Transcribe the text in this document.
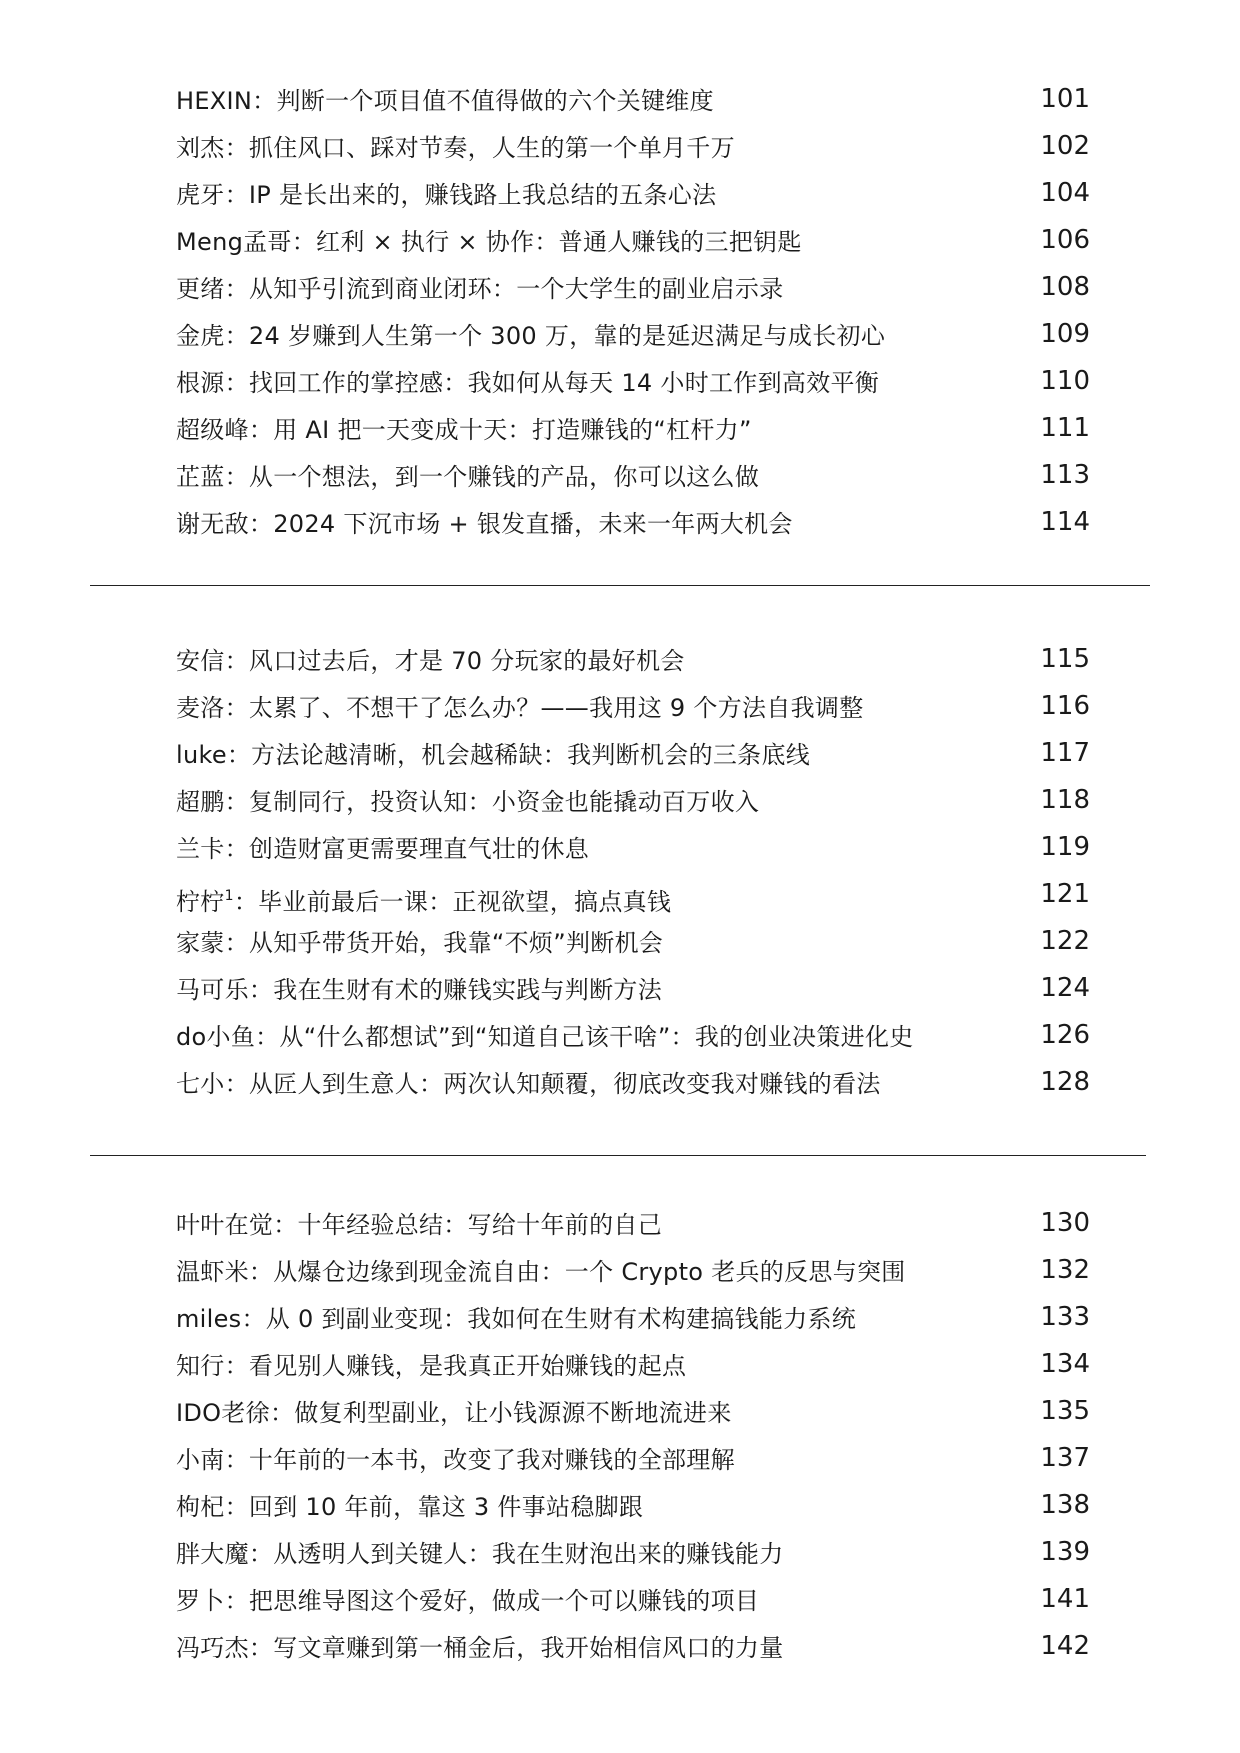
HEXIN：判断一个项目值不值得做的六个关键维度	101
刘杰：抓住风口、踩对节奏，人生的第一个单月千万	102
虎牙：IP 是长出来的，赚钱路上我总结的五条心法	104
Meng孟哥：红利 × 执行 × 协作：普通人赚钱的三把钥匙	106
更绪：从知乎引流到商业闭环：一个大学生的副业启示录	108
金虎：24 岁赚到人生第一个 300 万，靠的是延迟满足与成长初心	109
根源：找回工作的掌控感：我如何从每天 14 小时工作到高效平衡	110
超级峰：用 AI 把一天变成十天：打造赚钱的“杠杆力”	111
芷蓝：从一个想法，到一个赚钱的产品，你可以这么做	113
谢无敌：2024 下沉市场 + 银发直播，未来一年两大机会	114
安信：风口过去后，才是 70 分玩家的最好机会	115
麦洛：太累了、不想干了怎么办？——我用这 9 个方法自我调整	116
luke：方法论越清晰，机会越稀缺：我判断机会的三条底线	117
超鹏：复制同行，投资认知：小资金也能撬动百万收入	118
兰卡：创造财富更需要理直气壮的休息	119
柠柠$^1$：毕业前最后一课：正视欲望，搞点真钱	121
家蒙：从知乎带货开始，我靠“不烦”判断机会	122
马可乐：我在生财有术的赚钱实践与判断方法	124
do小鱼：从“什么都想试”到“知道自己该干啥”：我的创业决策进化史	126
七小：从匠人到生意人：两次认知颠覆，彻底改变我对赚钱的看法	128
叶叶在觉：十年经验总结：写给十年前的自己	130
温虾米：从爆仓边缘到现金流自由：一个 Crypto 老兵的反思与突围	132
miles：从 0 到副业变现：我如何在生财有术构建搞钱能力系统	133
知行：看见别人赚钱，是我真正开始赚钱的起点	134
IDO老徐：做复利型副业，让小钱源源不断地流进来	135
小南：十年前的一本书，改变了我对赚钱的全部理解	137
枸杞：回到 10 年前，靠这 3 件事站稳脚跟	138
胖大魔：从透明人到关键人：我在生财泡出来的赚钱能力	139
罗卜：把思维导图这个爱好，做成一个可以赚钱的项目	141
冯巧杰：写文章赚到第一桶金后，我开始相信风口的力量	142
